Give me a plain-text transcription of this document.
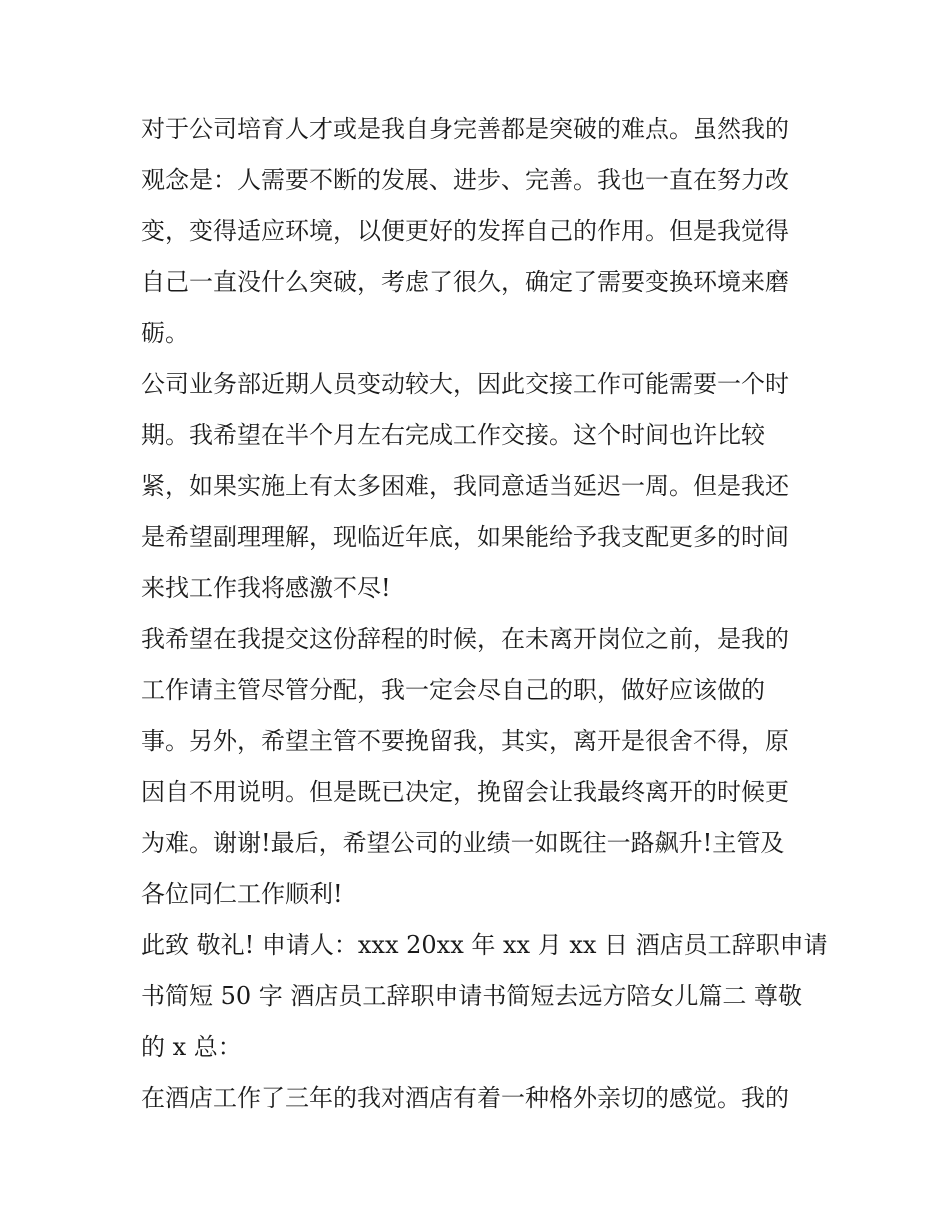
对于公司培育人才或是我自身完善都是突破的难点。虽然我的
观念是：人需要不断的发展、进步、完善。我也一直在努力改
变，变得适应环境，以便更好的发挥自己的作用。但是我觉得
自己一直没什么突破，考虑了很久，确定了需要变换环境来磨
砺。
公司业务部近期人员变动较大，因此交接工作可能需要一个时
期。我希望在半个月左右完成工作交接。这个时间也许比较
紧，如果实施上有太多困难，我同意适当延迟一周。但是我还
是希望副理理解，现临近年底，如果能给予我支配更多的时间
来找工作我将感激不尽!
我希望在我提交这份辞程的时候，在未离开岗位之前，是我的
工作请主管尽管分配，我一定会尽自己的职，做好应该做的
事。另外，希望主管不要挽留我，其实，离开是很舍不得，原
因自不用说明。但是既已决定，挽留会让我最终离开的时候更
为难。谢谢!最后，希望公司的业绩一如既往一路飙升!主管及
各位同仁工作顺利!
此致 敬礼! 申请人：xxx 20xx 年 xx 月 xx 日 酒店员工辞职申请
书简短 50 字 酒店员工辞职申请书简短去远方陪女儿篇二 尊敬
的 x 总：
在酒店工作了三年的我对酒店有着一种格外亲切的感觉。我的
